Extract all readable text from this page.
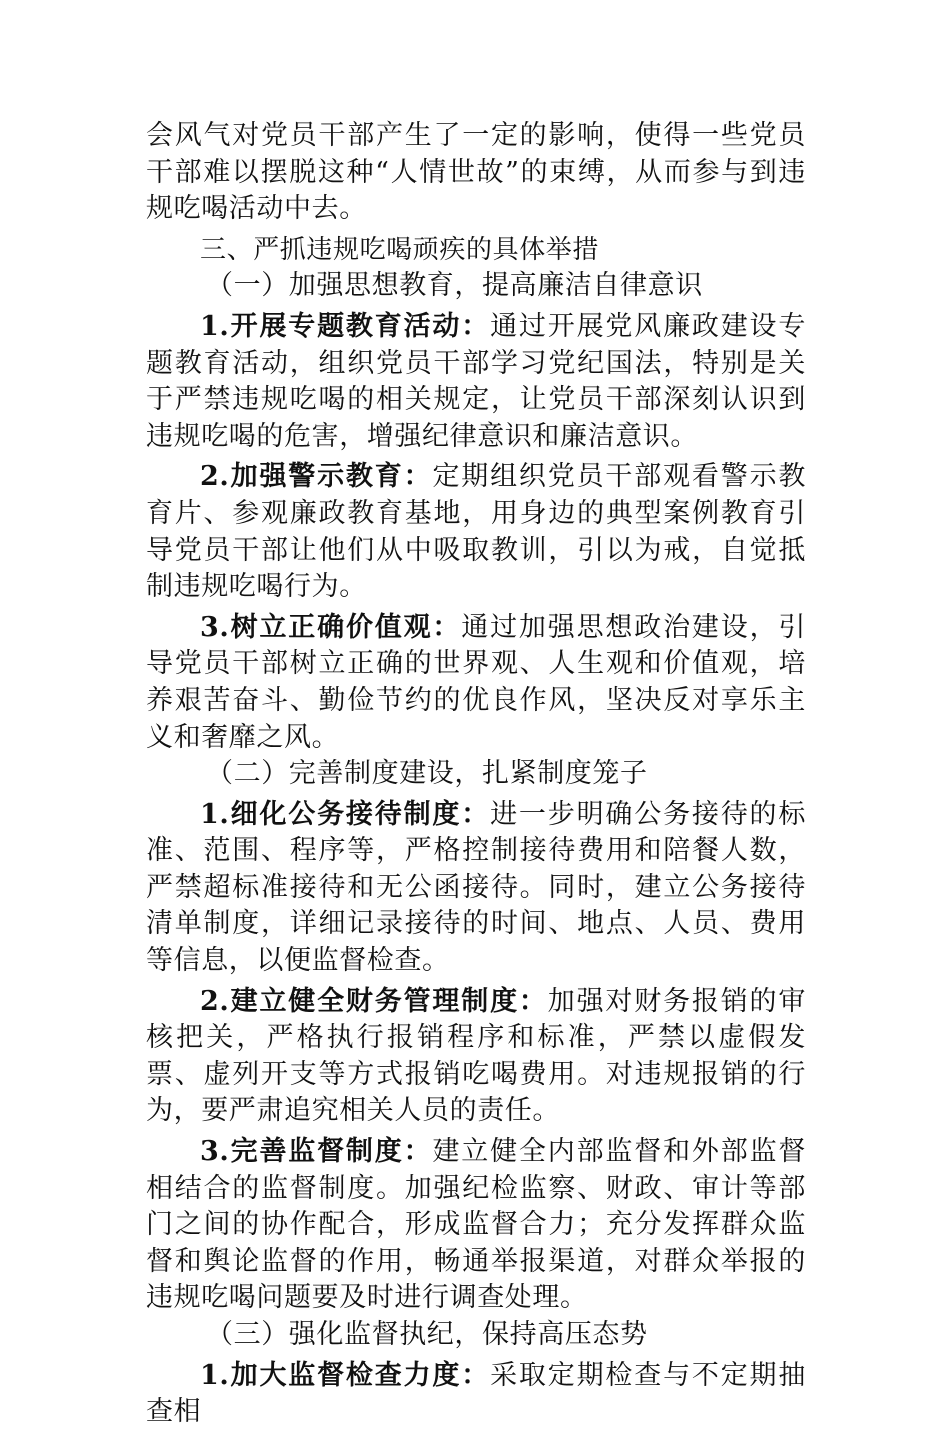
会风气对党员干部产生了一定的影响，使得一些党员干部难以摆脱这种“人情世故”的束缚，从而参与到违规吃喝活动中去。

三、严抓违规吃喝顽疾的具体举措

（一）加强思想教育，提高廉洁自律意识

1.开展专题教育活动：通过开展党风廉政建设专题教育活动，组织党员干部学习党纪国法，特别是关于严禁违规吃喝的相关规定，让党员干部深刻认识到违规吃喝的危害，增强纪律意识和廉洁意识。

2.加强警示教育：定期组织党员干部观看警示教育片、参观廉政教育基地，用身边的典型案例教育引导党员干部让他们从中吸取教训，引以为戒，自觉抵制违规吃喝行为。

3.树立正确价值观：通过加强思想政治建设，引导党员干部树立正确的世界观、人生观和价值观，培养艰苦奋斗、勤俭节约的优良作风，坚决反对享乐主义和奢靡之风。

（二）完善制度建设，扎紧制度笼子

1.细化公务接待制度：进一步明确公务接待的标准、范围、程序等，严格控制接待费用和陪餐人数，严禁超标准接待和无公函接待。同时，建立公务接待清单制度，详细记录接待的时间、地点、人员、费用等信息，以便监督检查。

2.建立健全财务管理制度：加强对财务报销的审核把关，严格执行报销程序和标准，严禁以虚假发票、虚列开支等方式报销吃喝费用。对违规报销的行为，要严肃追究相关人员的责任。

3.完善监督制度：建立健全内部监督和外部监督相结合的监督制度。加强纪检监察、财政、审计等部门之间的协作配合，形成监督合力；充分发挥群众监督和舆论监督的作用，畅通举报渠道，对群众举报的违规吃喝问题要及时进行调查处理。

（三）强化监督执纪，保持高压态势

1.加大监督检查力度：采取定期检查与不定期抽查相
